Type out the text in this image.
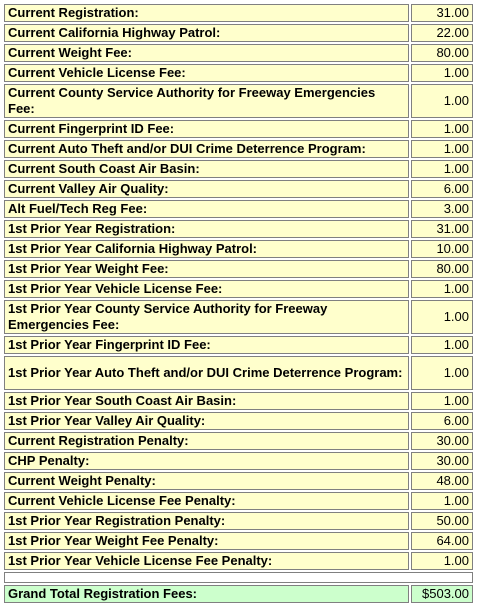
Current Registration:	31.00
Current California Highway Patrol:	22.00
Current Weight Fee:	80.00
Current Vehicle License Fee:	1.00
Current County Service Authority for Freeway Emergencies Fee:	1.00
Current Fingerprint ID Fee:	1.00
Current Auto Theft and/or DUI Crime Deterrence Program:	1.00
Current South Coast Air Basin:	1.00
Current Valley Air Quality:	6.00
Alt Fuel/Tech Reg Fee:	3.00
1st Prior Year Registration:	31.00
1st Prior Year California Highway Patrol:	10.00
1st Prior Year Weight Fee:	80.00
1st Prior Year Vehicle License Fee:	1.00
1st Prior Year County Service Authority for Freeway Emergencies Fee:	1.00
1st Prior Year Fingerprint ID Fee:	1.00
1st Prior Year Auto Theft and/or DUI Crime Deterrence Program:	1.00
1st Prior Year South Coast Air Basin:	1.00
1st Prior Year Valley Air Quality:	6.00
Current Registration Penalty:	30.00
CHP Penalty:	30.00
Current Weight Penalty:	48.00
Current Vehicle License Fee Penalty:	1.00
1st Prior Year Registration Penalty:	50.00
1st Prior Year Weight Fee Penalty:	64.00
1st Prior Year Vehicle License Fee Penalty:	1.00

Grand Total Registration Fees:	$503.00
